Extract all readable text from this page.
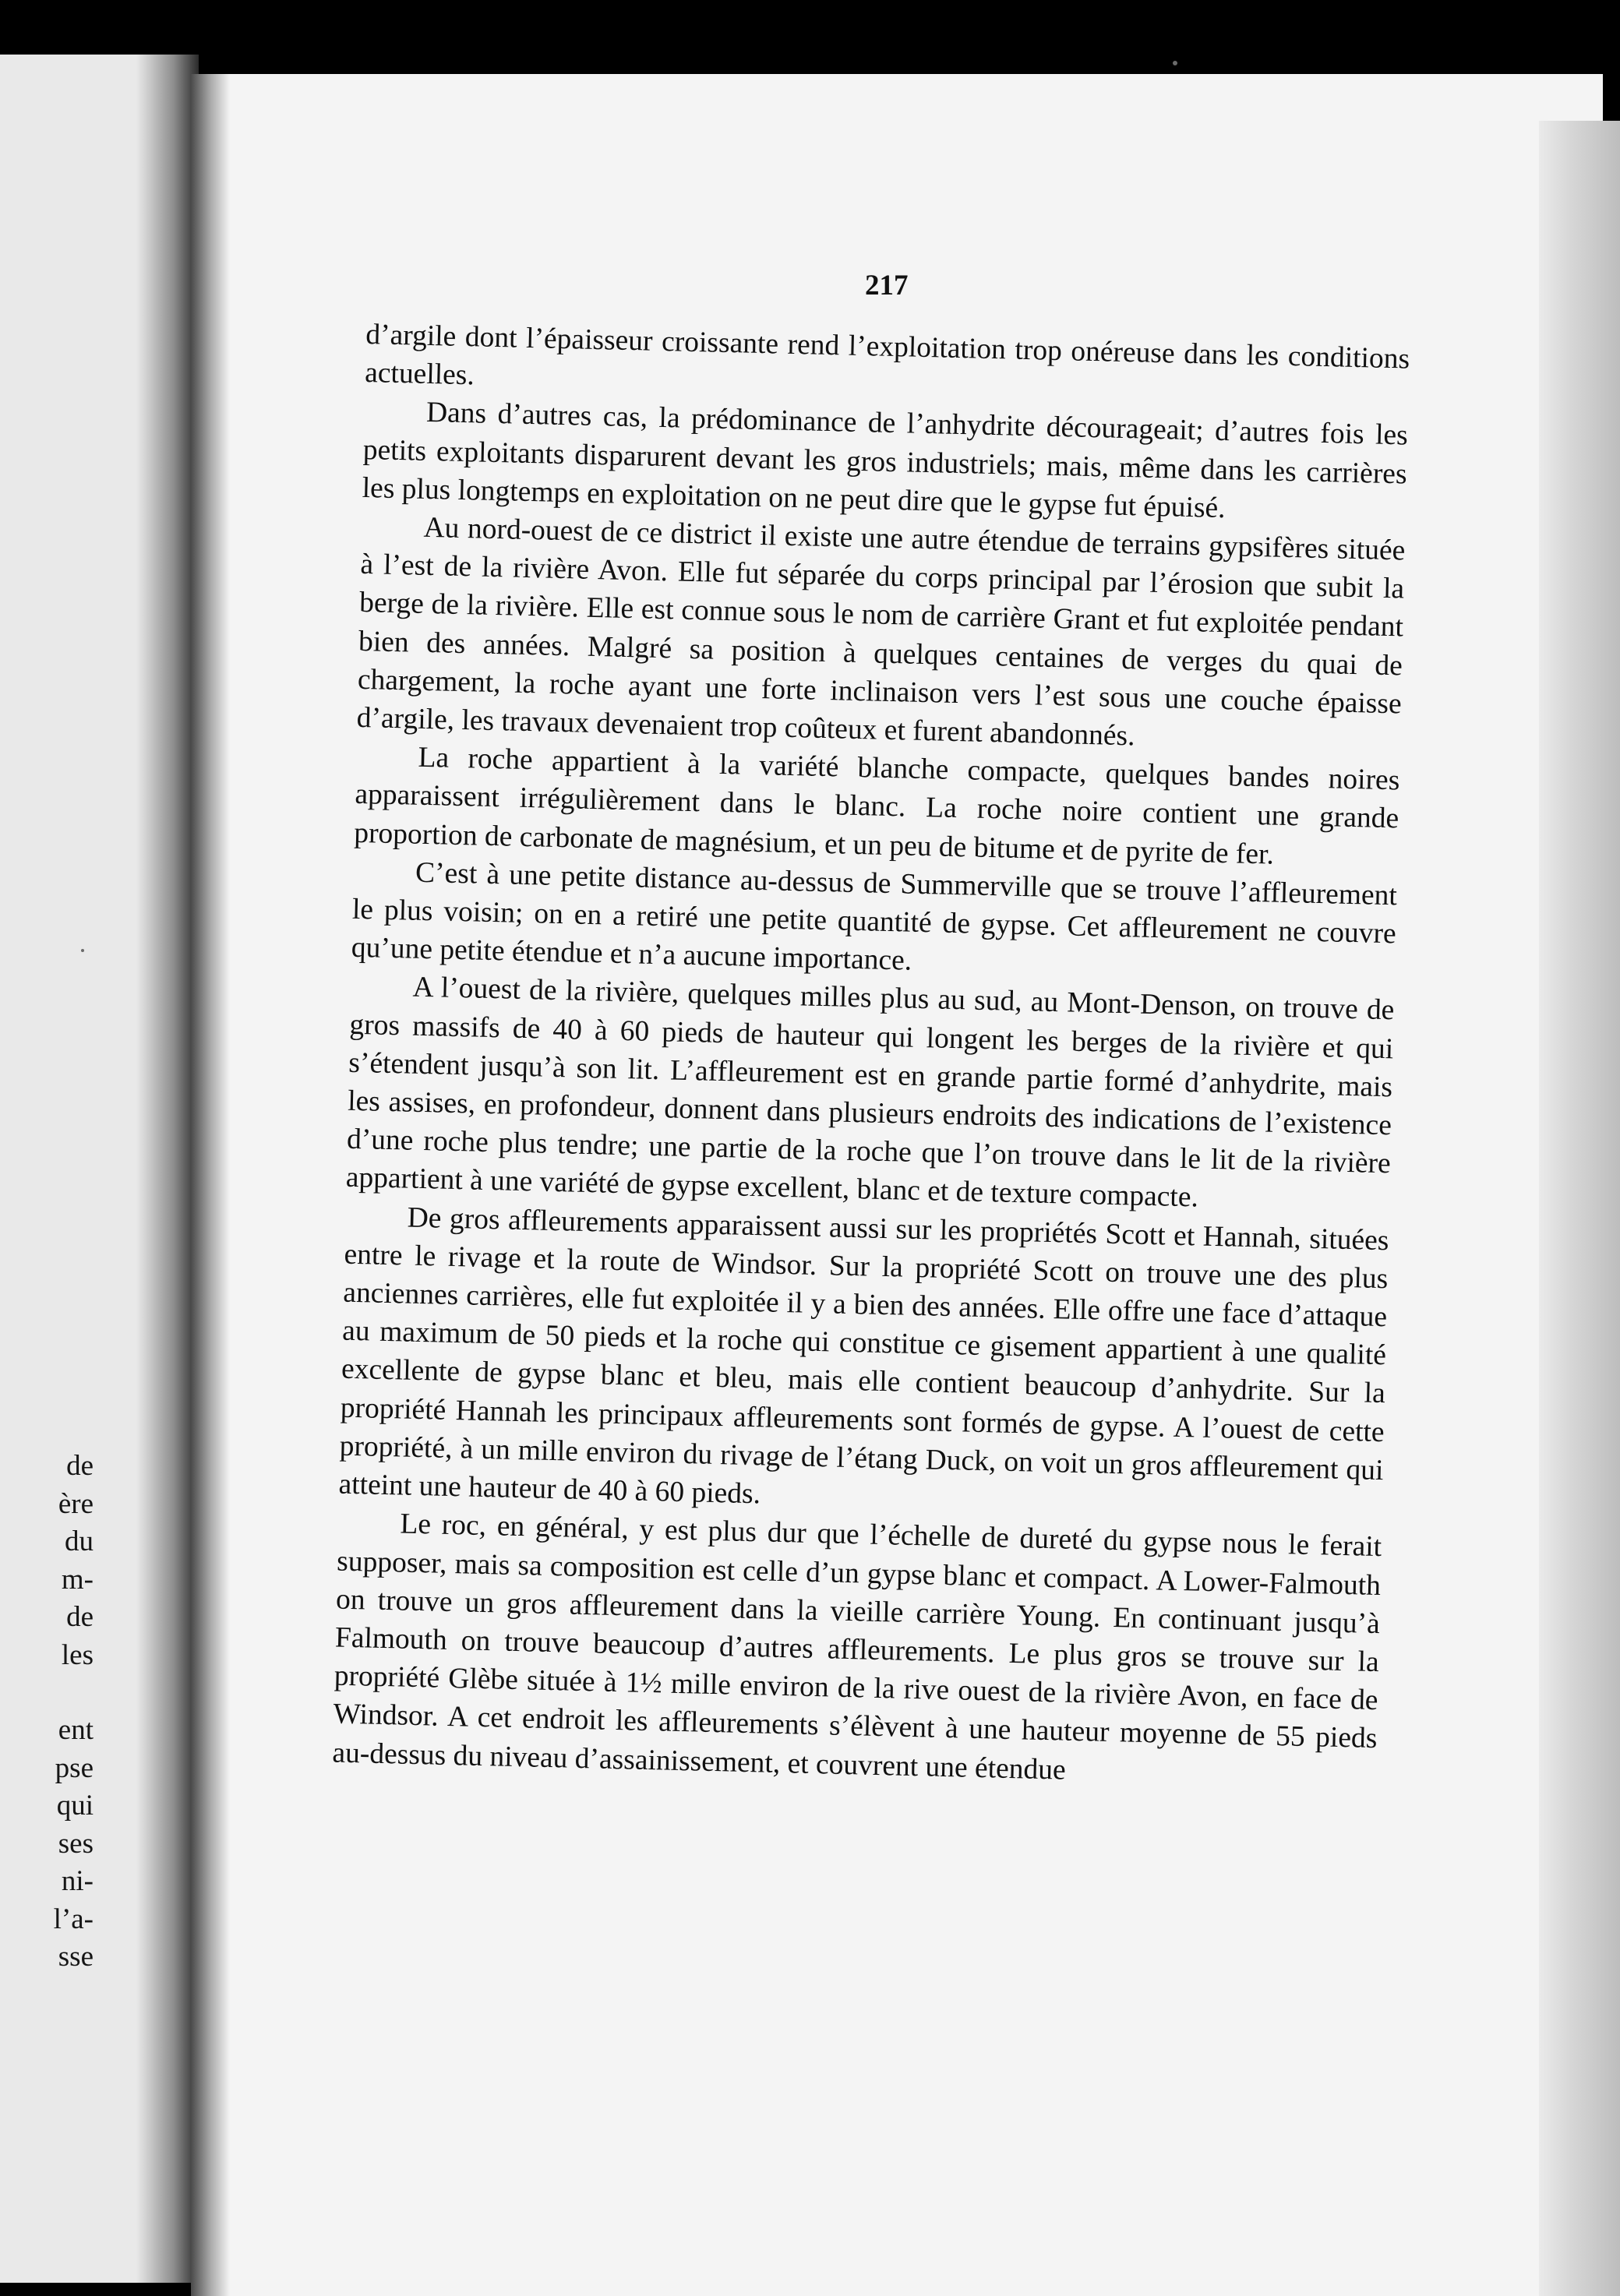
de
ère
du
m-
de
les
ent
pse
qui
ses
ni-
l’a-
sse
217

d’argile dont l’épaisseur croissante rend l’exploitation trop onéreuse dans les conditions actuelles.

Dans d’autres cas, la prédominance de l’anhydrite décourageait; d’autres fois les petits exploitants disparurent devant les gros industriels; mais, même dans les carrières les plus longtemps en exploitation on ne peut dire que le gypse fut épuisé.

Au nord-ouest de ce district il existe une autre étendue de terrains gypsifères située à l’est de la rivière Avon. Elle fut séparée du corps principal par l’érosion que subit la berge de la rivière. Elle est connue sous le nom de carrière Grant et fut exploitée pendant bien des années. Malgré sa position à quelques centaines de verges du quai de chargement, la roche ayant une forte inclinaison vers l’est sous une couche épaisse d’argile, les travaux devenaient trop coûteux et furent abandonnés.

La roche appartient à la variété blanche compacte, quelques bandes noires apparaissent irrégulièrement dans le blanc. La roche noire contient une grande proportion de carbonate de magnésium, et un peu de bitume et de pyrite de fer.

C’est à une petite distance au-dessus de Summerville que se trouve l’affleurement le plus voisin; on en a retiré une petite quantité de gypse. Cet affleurement ne couvre qu’une petite étendue et n’a aucune importance.

A l’ouest de la rivière, quelques milles plus au sud, au Mont-Denson, on trouve de gros massifs de 40 à 60 pieds de hauteur qui longent les berges de la rivière et qui s’étendent jusqu’à son lit. L’affleurement est en grande partie formé d’anhydrite, mais les assises, en profondeur, donnent dans plusieurs endroits des indications de l’existence d’une roche plus tendre; une partie de la roche que l’on trouve dans le lit de la rivière appartient à une variété de gypse excellent, blanc et de texture compacte.

De gros affleurements apparaissent aussi sur les propriétés Scott et Hannah, situées entre le rivage et la route de Windsor. Sur la propriété Scott on trouve une des plus anciennes carrières, elle fut exploitée il y a bien des années. Elle offre une face d’attaque au maximum de 50 pieds et la roche qui constitue ce gisement appartient à une qualité excellente de gypse blanc et bleu, mais elle contient beaucoup d’anhydrite. Sur la propriété Hannah les principaux affleurements sont formés de gypse. A l’ouest de cette propriété, à un mille environ du rivage de l’étang Duck, on voit un gros affleurement qui atteint une hauteur de 40 à 60 pieds.

Le roc, en général, y est plus dur que l’échelle de dureté du gypse nous le ferait supposer, mais sa composition est celle d’un gypse blanc et compact. A Lower-Falmouth on trouve un gros affleurement dans la vieille carrière Young. En continuant jusqu’à Falmouth on trouve beaucoup d’autres affleurements. Le plus gros se trouve sur la propriété Glèbe située à 1½ mille environ de la rive ouest de la rivière Avon, en face de Windsor. A cet endroit les affleurements s’élèvent à une hauteur moyenne de 55 pieds au-dessus du niveau d’assainissement, et couvrent une étendue
